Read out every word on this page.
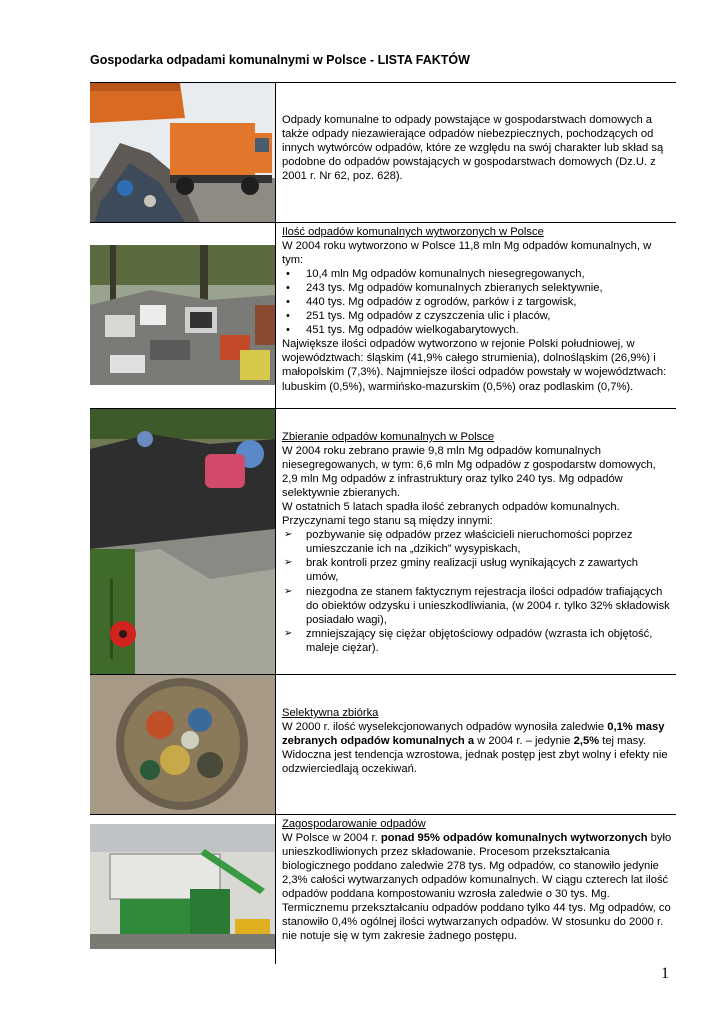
Gospodarka odpadami komunalnymi w Polsce - LISTA FAKTÓW
Odpady komunalne to odpady powstające w gospodarstwach domowych a także odpady niezawierające odpadów niebezpiecznych, pochodzących od innych wytwórców odpadów, które ze względu na swój charakter lub skład są podobne do odpadów powstających w gospodarstwach domowych (Dz.U. z 2001 r. Nr 62, poz. 628).
Ilość odpadów komunalnych wytworzonych w Polsce
W 2004 roku wytworzono w Polsce 11,8 mln Mg odpadów komunalnych, w tym:
• 10,4 mln Mg odpadów komunalnych niesegregowanych,
• 243 tys. Mg odpadów komunalnych zbieranych selektywnie,
• 440 tys. Mg odpadów z ogrodów, parków i z targowisk,
• 251 tys. Mg odpadów z czyszczenia ulic i placów,
• 451 tys. Mg odpadów wielkogabarytowych.
Największe ilości odpadów wytworzono w rejonie Polski południowej, w województwach: śląskim (41,9% całego strumienia), dolnośląskim (26,9%) i małopolskim (7,3%). Najmniejsze ilości odpadów powstały w województwach: lubuskim (0,5%), warmińsko-mazurskim (0,5%) oraz podlaskim (0,7%).
Zbieranie odpadów komunalnych w Polsce
W 2004 roku zebrano prawie 9,8 mln Mg odpadów komunalnych niesegregowanych, w tym: 6,6 mln Mg odpadów z gospodarstw domowych, 2,9 mln Mg odpadów z infrastruktury oraz tylko 240 tys. Mg odpadów selektywnie zbieranych.
W ostatnich 5 latach spadła ilość zebranych odpadów komunalnych.
Przyczynami tego stanu są między innymi:
➢ pozbywanie się odpadów przez właścicieli nieruchomości poprzez umieszczanie ich na „dzikich” wysypiskach,
➢ brak kontroli przez gminy realizacji usług wynikających z zawartych umów,
➢ niezgodna ze stanem faktycznym rejestracja ilości odpadów trafiających do obiektów odzysku i unieszkodliwiania, (w 2004 r. tylko 32% składowisk posiadało wagi),
➢ zmniejszający się ciężar objętościowy odpadów (wzrasta ich objętość, maleje ciężar).
Selektywna zbiórka
W 2000 r. ilość wyselekcjonowanych odpadów wynosiła zaledwie 0,1% masy zebranych odpadów komunalnych a w 2004 r. – jedynie 2,5% tej masy. Widoczna jest tendencja wzrostowa, jednak postęp jest zbyt wolny i efekty nie odzwierciedlają oczekiwań.
Zagospodarowanie odpadów
W Polsce w 2004 r. ponad 95% odpadów komunalnych wytworzonych było unieszkodliwionych przez składowanie. Procesom przekształcania biologicznego poddano zaledwie 278 tys. Mg odpadów, co stanowiło jedynie 2,3% całości wytwarzanych odpadów komunalnych. W ciągu czterech lat ilość odpadów poddana kompostowaniu wzrosła zaledwie o 30 tys. Mg.
Termicznemu przekształcaniu odpadów poddano tylko 44 tys. Mg odpadów, co stanowiło 0,4% ogólnej ilości wytwarzanych odpadów. W stosunku do 2000 r. nie notuje się w tym zakresie żadnego postępu.
1
